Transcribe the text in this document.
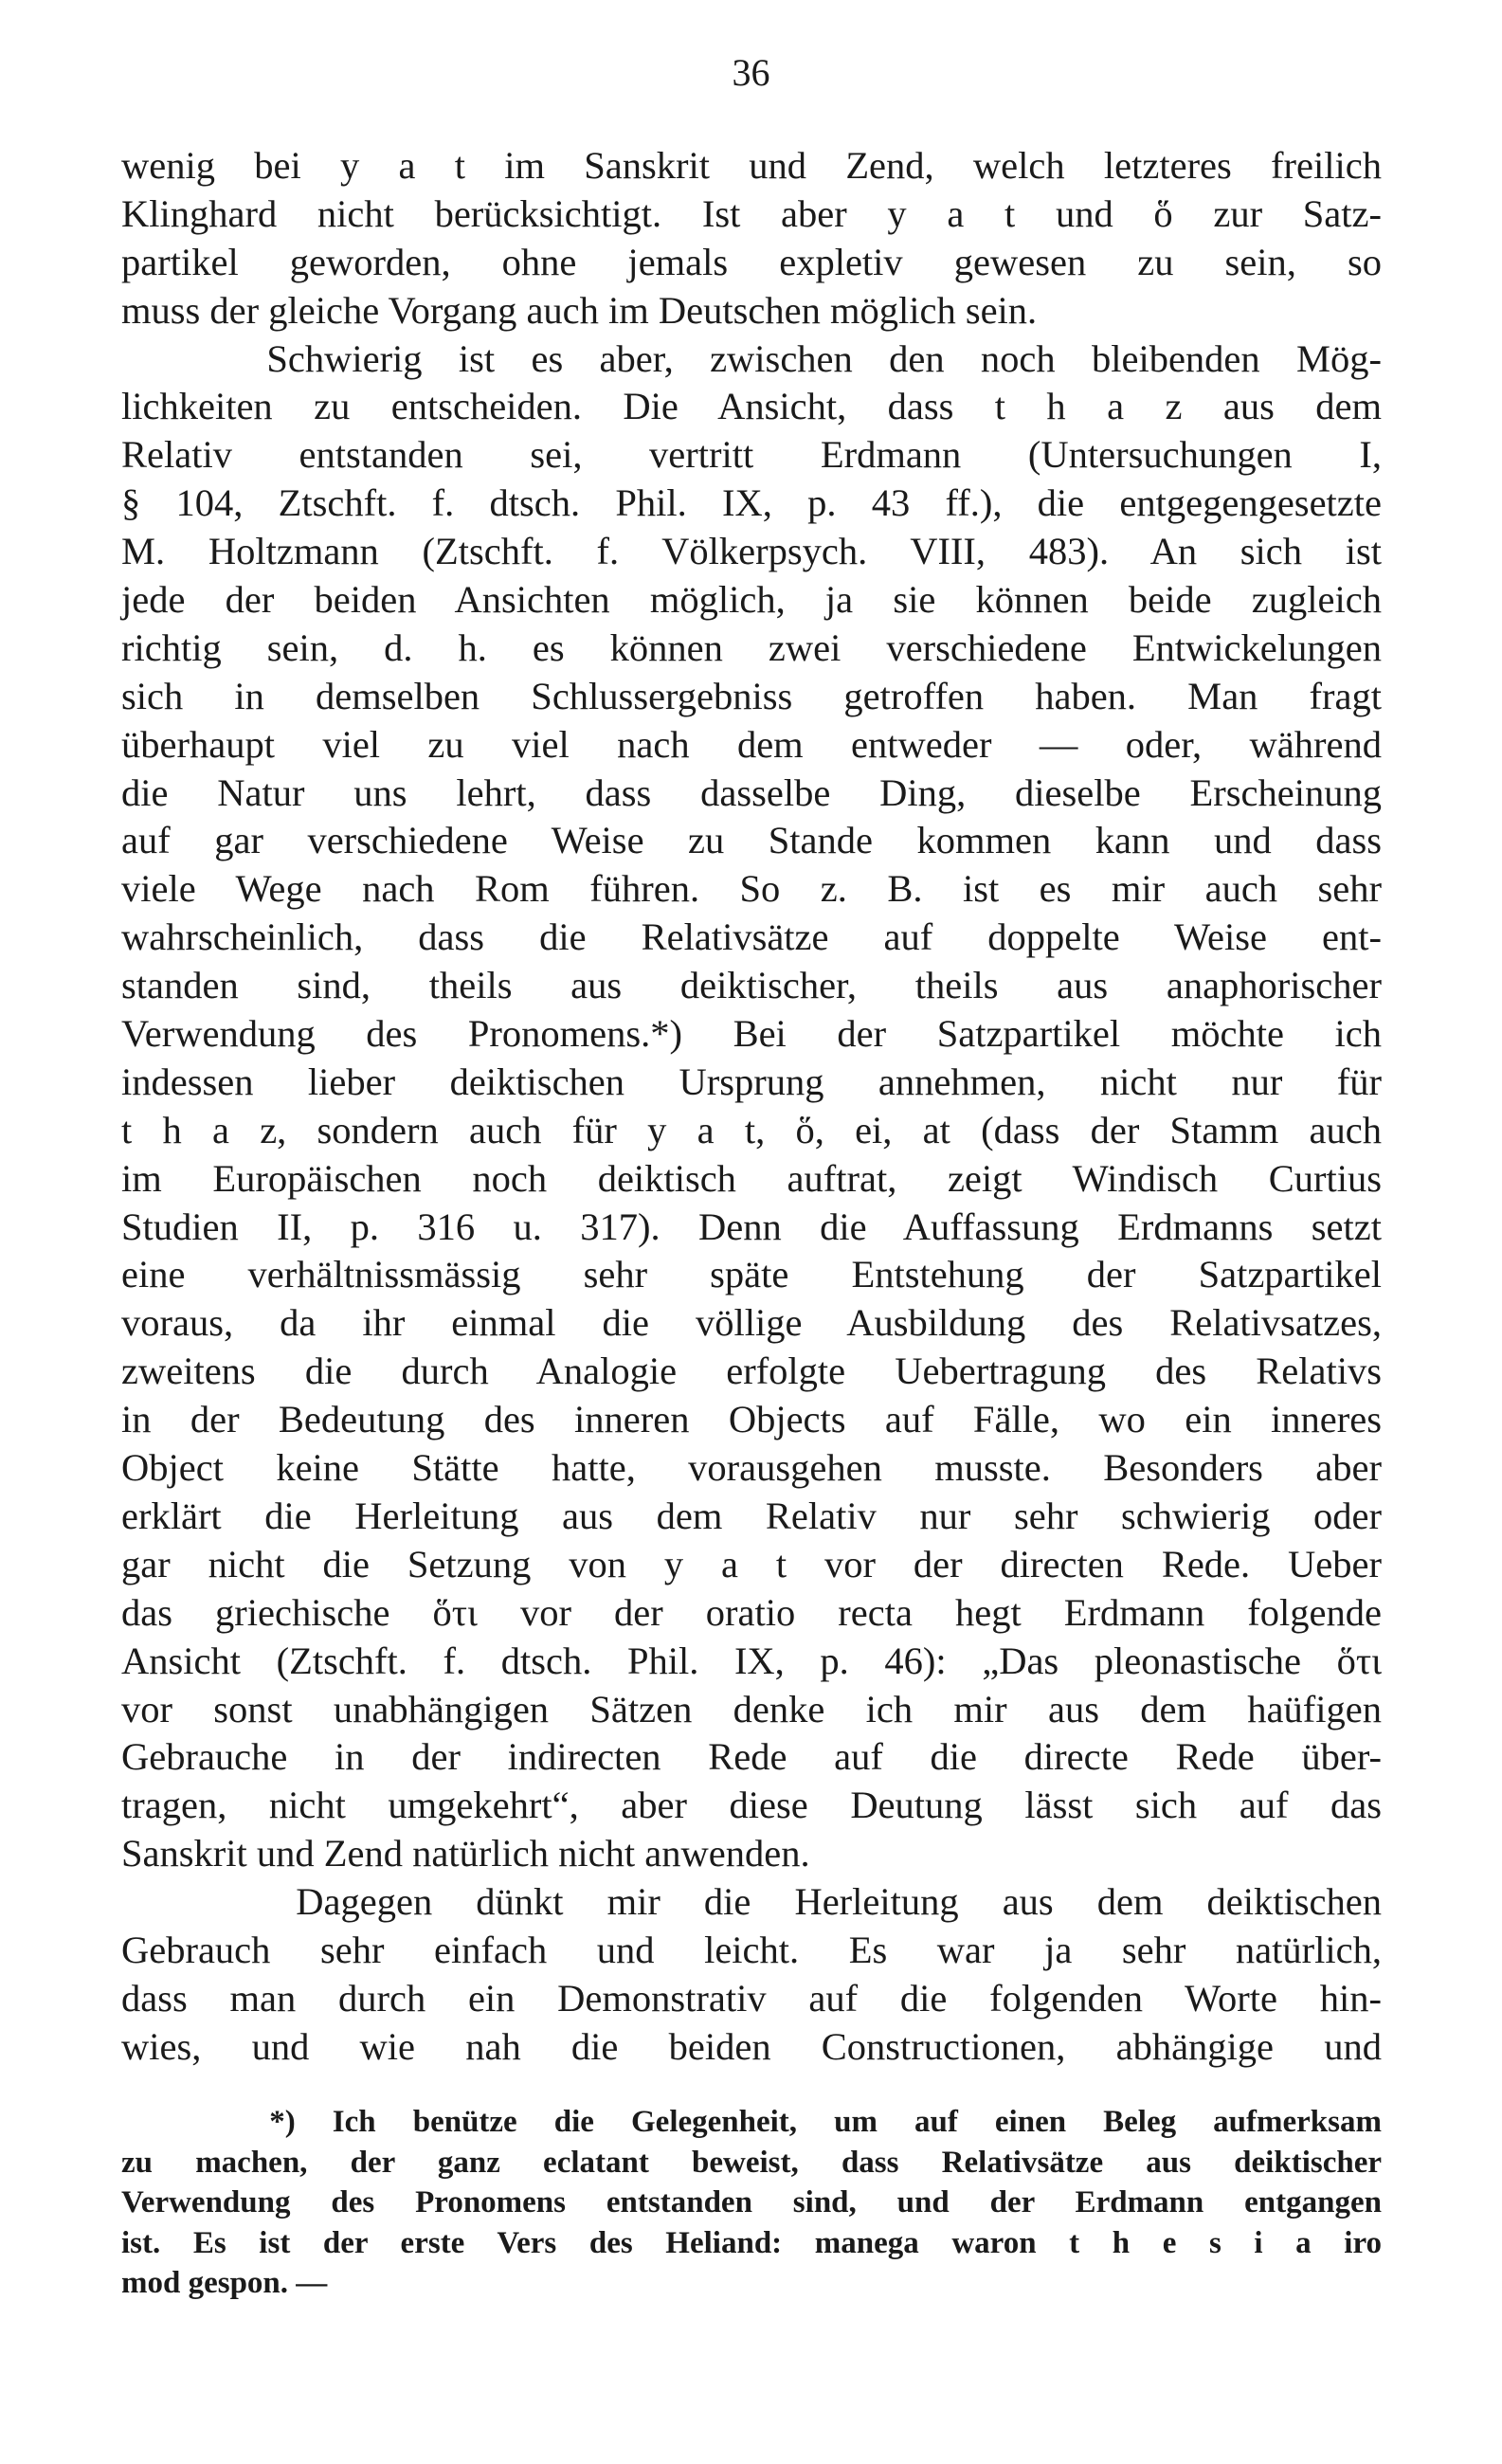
36
wenig bei y a t im Sanskrit und Zend, welch letzteres freilich
Klinghard nicht berücksichtigt. Ist aber y a t und ὅ zur Satz-
partikel geworden, ohne jemals expletiv gewesen zu sein, so
muss der gleiche Vorgang auch im Deutschen möglich sein.
Schwierig ist es aber, zwischen den noch bleibenden Mög-
lichkeiten zu entscheiden. Die Ansicht, dass t h a z aus dem
Relativ entstanden sei, vertritt Erdmann (Untersuchungen I,
§ 104, Ztschft. f. dtsch. Phil. IX, p. 43 ff.), die entgegengesetzte
M. Holtzmann (Ztschft. f. Völkerpsych. VIII, 483). An sich ist
jede der beiden Ansichten möglich, ja sie können beide zugleich
richtig sein, d. h. es können zwei verschiedene Entwickelungen
sich in demselben Schlussergebniss getroffen haben. Man fragt
überhaupt viel zu viel nach dem entweder — oder, während
die Natur uns lehrt, dass dasselbe Ding, dieselbe Erscheinung
auf gar verschiedene Weise zu Stande kommen kann und dass
viele Wege nach Rom führen. So z. B. ist es mir auch sehr
wahrscheinlich, dass die Relativsätze auf doppelte Weise ent-
standen sind, theils aus deiktischer, theils aus anaphorischer
Verwendung des Pronomens.*) Bei der Satzpartikel möchte ich
indessen lieber deiktischen Ursprung annehmen, nicht nur für
t h a z, sondern auch für y a t, ὅ, ei, at (dass der Stamm auch
im Europäischen noch deiktisch auftrat, zeigt Windisch Curtius
Studien II, p. 316 u. 317). Denn die Auffassung Erdmanns setzt
eine verhältnissmässig sehr späte Entstehung der Satzpartikel
voraus, da ihr einmal die völlige Ausbildung des Relativsatzes,
zweitens die durch Analogie erfolgte Uebertragung des Relativs
in der Bedeutung des inneren Objects auf Fälle, wo ein inneres
Object keine Stätte hatte, vorausgehen musste. Besonders aber
erklärt die Herleitung aus dem Relativ nur sehr schwierig oder
gar nicht die Setzung von y a t vor der directen Rede. Ueber
das griechische ὅτι vor der oratio recta hegt Erdmann folgende
Ansicht (Ztschft. f. dtsch. Phil. IX, p. 46): „Das pleonastische ὅτι
vor sonst unabhängigen Sätzen denke ich mir aus dem haüfigen
Gebrauche in der indirecten Rede auf die directe Rede über-
tragen, nicht umgekehrt“, aber diese Deutung lässt sich auf das
Sanskrit und Zend natürlich nicht anwenden.
Dagegen dünkt mir die Herleitung aus dem deiktischen
Gebrauch sehr einfach und leicht. Es war ja sehr natürlich,
dass man durch ein Demonstrativ auf die folgenden Worte hin-
wies, und wie nah die beiden Constructionen, abhängige und
*) Ich benütze die Gelegenheit, um auf einen Beleg aufmerksam
zu machen, der ganz eclatant beweist, dass Relativsätze aus deiktischer
Verwendung des Pronomens entstanden sind, und der Erdmann entgangen
ist. Es ist der erste Vers des Heliand: manega waron t h e s i a iro
mod gespon. —
